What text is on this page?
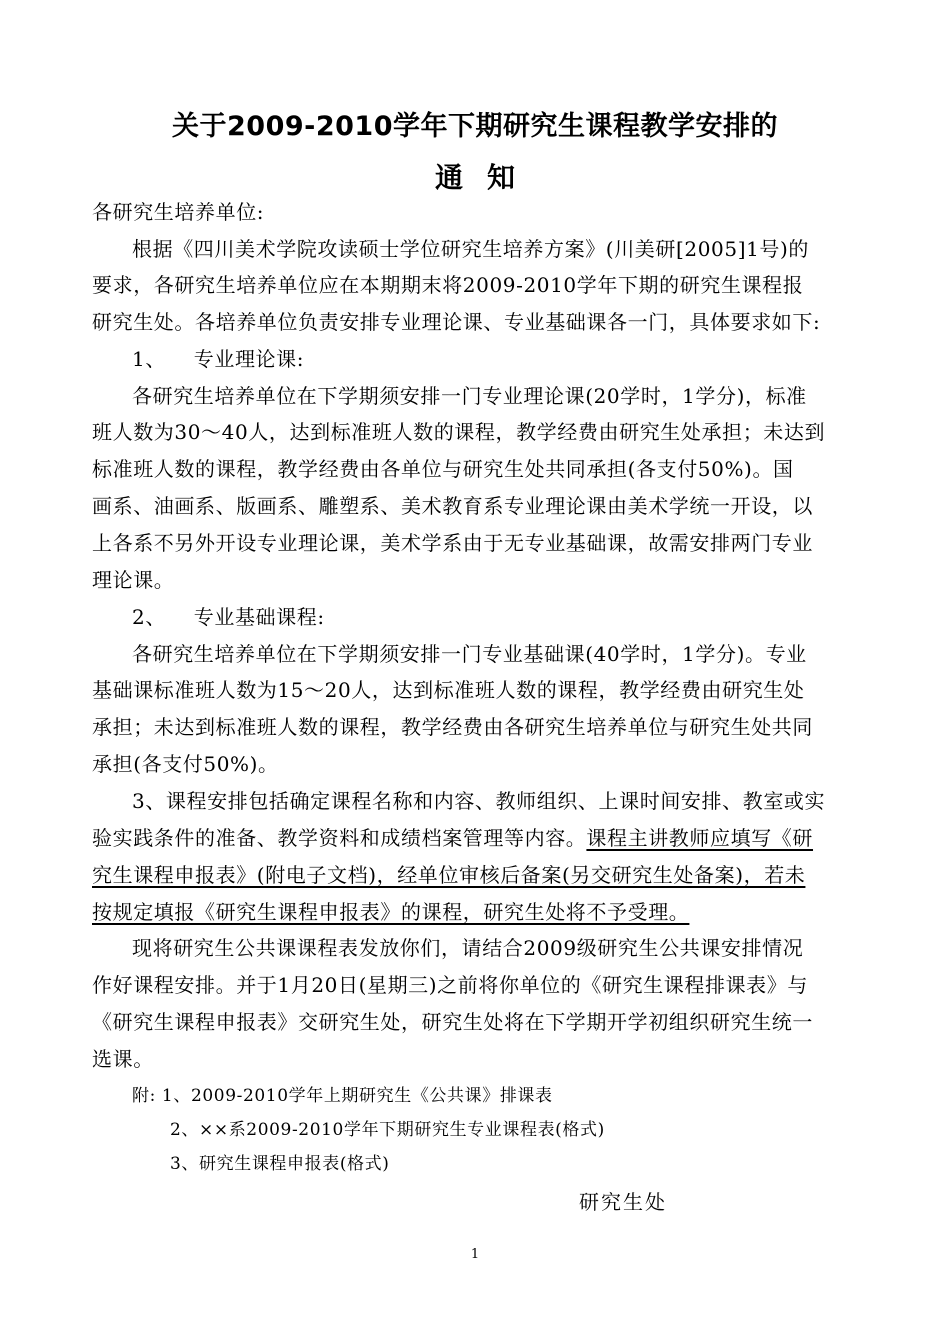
关于2009-2010学年下期研究生课程教学安排的
通知
各研究生培养单位:
根据《四川美术学院攻读硕士学位研究生培养方案》(川美研[2005]1号)的
要求，各研究生培养单位应在本期期末将2009-2010学年下期的研究生课程报
研究生处。各培养单位负责安排专业理论课、专业基础课各一门，具体要求如下:
1、    专业理论课:
各研究生培养单位在下学期须安排一门专业理论课(20学时，1学分)，标准
班人数为30～40人，达到标准班人数的课程，教学经费由研究生处承担；未达到
标准班人数的课程，教学经费由各单位与研究生处共同承担(各支付50%)。国
画系、油画系、版画系、雕塑系、美术教育系专业理论课由美术学统一开设，以
上各系不另外开设专业理论课，美术学系由于无专业基础课，故需安排两门专业
理论课。
2、    专业基础课程:
各研究生培养单位在下学期须安排一门专业基础课(40学时，1学分)。专业
基础课标准班人数为15～20人，达到标准班人数的课程，教学经费由研究生处
承担；未达到标准班人数的课程，教学经费由各研究生培养单位与研究生处共同
承担(各支付50%)。
3、课程安排包括确定课程名称和内容、教师组织、上课时间安排、教室或实
验实践条件的准备、教学资料和成绩档案管理等内容。课程主讲教师应填写《研
究生课程申报表》(附电子文档)，经单位审核后备案(另交研究生处备案)，若未
按规定填报《研究生课程申报表》的课程，研究生处将不予受理。
现将研究生公共课课程表发放你们，请结合2009级研究生公共课安排情况
作好课程安排。并于1月20日(星期三)之前将你单位的《研究生课程排课表》与
《研究生课程申报表》交研究生处，研究生处将在下学期开学初组织研究生统一
选课。
附: 1、2009-2010学年上期研究生《公共课》排课表
2、××系2009-2010学年下期研究生专业课程表(格式)
3、研究生课程申报表(格式)
研究生处
1
